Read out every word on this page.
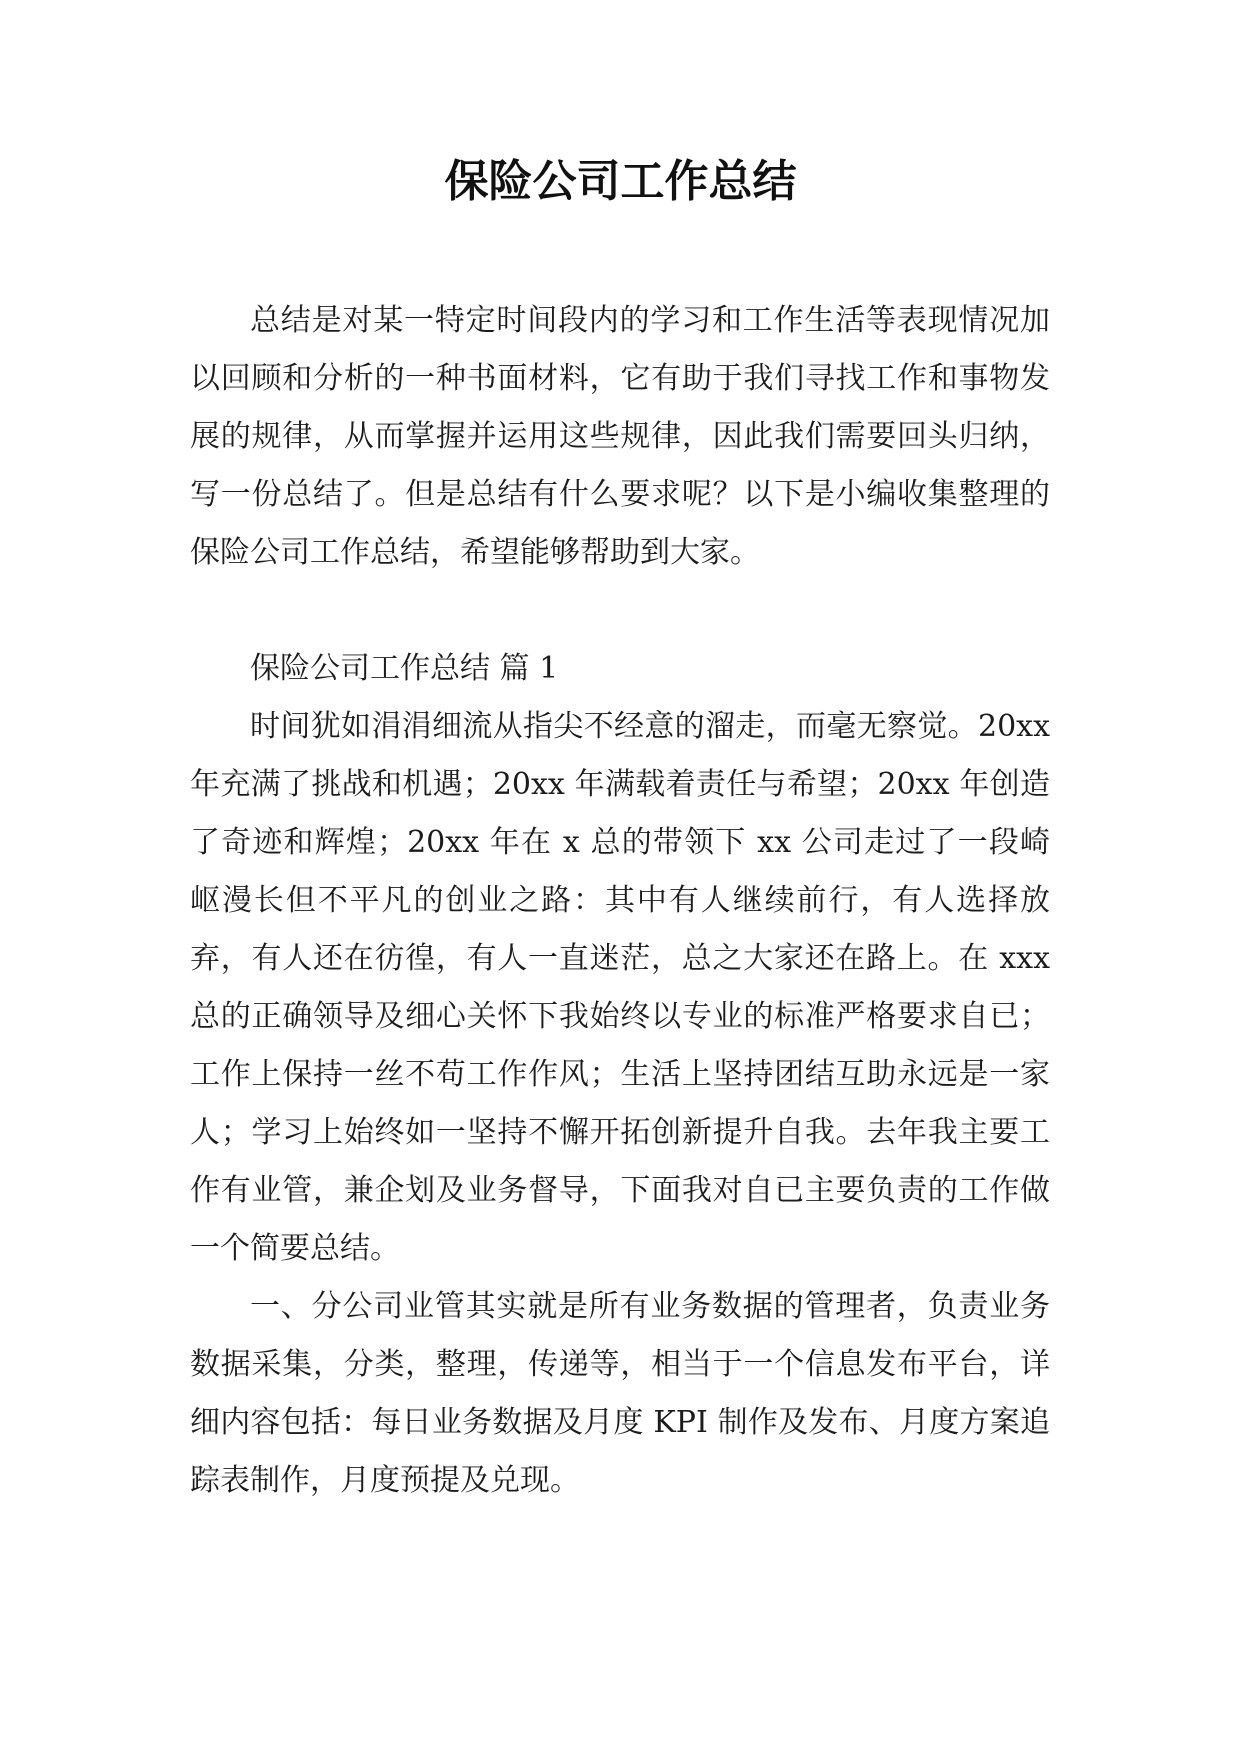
保险公司工作总结

总结是对某一特定时间段内的学习和工作生活等表现情况加以回顾和分析的一种书面材料，它有助于我们寻找工作和事物发展的规律，从而掌握并运用这些规律，因此我们需要回头归纳，写一份总结了。但是总结有什么要求呢？以下是小编收集整理的保险公司工作总结，希望能够帮助到大家。

保险公司工作总结 篇 1

时间犹如涓涓细流从指尖不经意的溜走，而毫无察觉。20xx 年充满了挑战和机遇；20xx 年满载着责任与希望；20xx 年创造了奇迹和辉煌；20xx 年在 x 总的带领下 xx 公司走过了一段崎岖漫长但不平凡的创业之路：其中有人继续前行，有人选择放弃，有人还在彷徨，有人一直迷茫，总之大家还在路上。在 xxx 总的正确领导及细心关怀下我始终以专业的标准严格要求自已；工作上保持一丝不苟工作作风；生活上坚持团结互助永远是一家人；学习上始终如一坚持不懈开拓创新提升自我。去年我主要工作有业管，兼企划及业务督导，下面我对自已主要负责的工作做一个简要总结。

一、分公司业管其实就是所有业务数据的管理者，负责业务数据采集，分类，整理，传递等，相当于一个信息发布平台，详细内容包括：每日业务数据及月度 KPI 制作及发布、月度方案追踪表制作，月度预提及兑现。
